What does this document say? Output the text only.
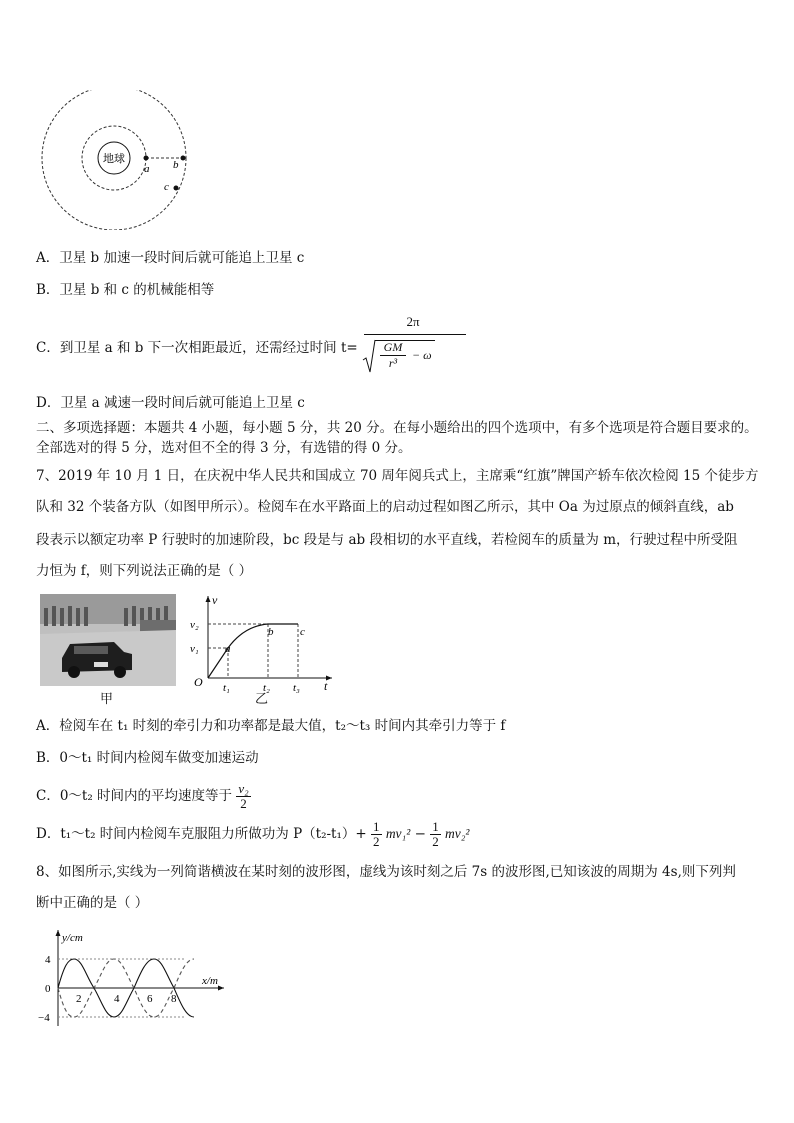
地球
a b
c
A．卫星 b 加速一段时间后就可能追上卫星 c
B．卫星 b 和 c 的机械能相等
C．到卫星 a 和 b 下一次相距最近，还需经过时间 t=
2π
GM
r³
− ω
D．卫星 a 减速一段时间后就可能追上卫星 c
二、多项选择题：本题共 4 小题，每小题 5 分，共 20 分。在每小题给出的四个选项中，有多个选项是符合题目要求的。全部选对的得 5 分，选对但不全的得 3 分，有选错的得 0 分。
7、2019 年 10 月 1 日，在庆祝中华人民共和国成立 70 周年阅兵式上，主席乘“红旗”牌国产轿车依次检阅 15 个徒步方
队和 32 个装备方队（如图甲所示）。检阅车在水平路面上的启动过程如图乙所示，其中 Oa 为过原点的倾斜直线，ab
段表示以额定功率 P 行驶时的加速阶段，bc 段是与 ab 段相切的水平直线，若检阅车的质量为 m，行驶过程中所受阻
力恒为 f，则下列说法正确的是（ ）
甲
v
t
O
v₁
v₂
t₁	t₂ t₃
a
b c
乙
A．检阅车在 t₁ 时刻的牵引力和功率都是最大值，t₂～t₃ 时间内其牵引力等于 f
B．0～t₁ 时间内检阅车做变加速运动
C．0～t₂ 时间内的平均速度等于 $\frac{\text{v₂}}{2}$
D．t₁～t₂ 时间内检阅车克服阻力所做功为 $P(t_2-t_1)+ \frac{1}{2} mv_1^2 - \frac{1}{2} mv_2^2$
8、如图所示,实线为一列简谐横波在某时刻的波形图，虚线为该时刻之后 7s 的波形图,已知该波的周期为 4s,则下列判
断中正确的是（ ）
y/cm
x/m
4
0
−4
2	4	6 8
